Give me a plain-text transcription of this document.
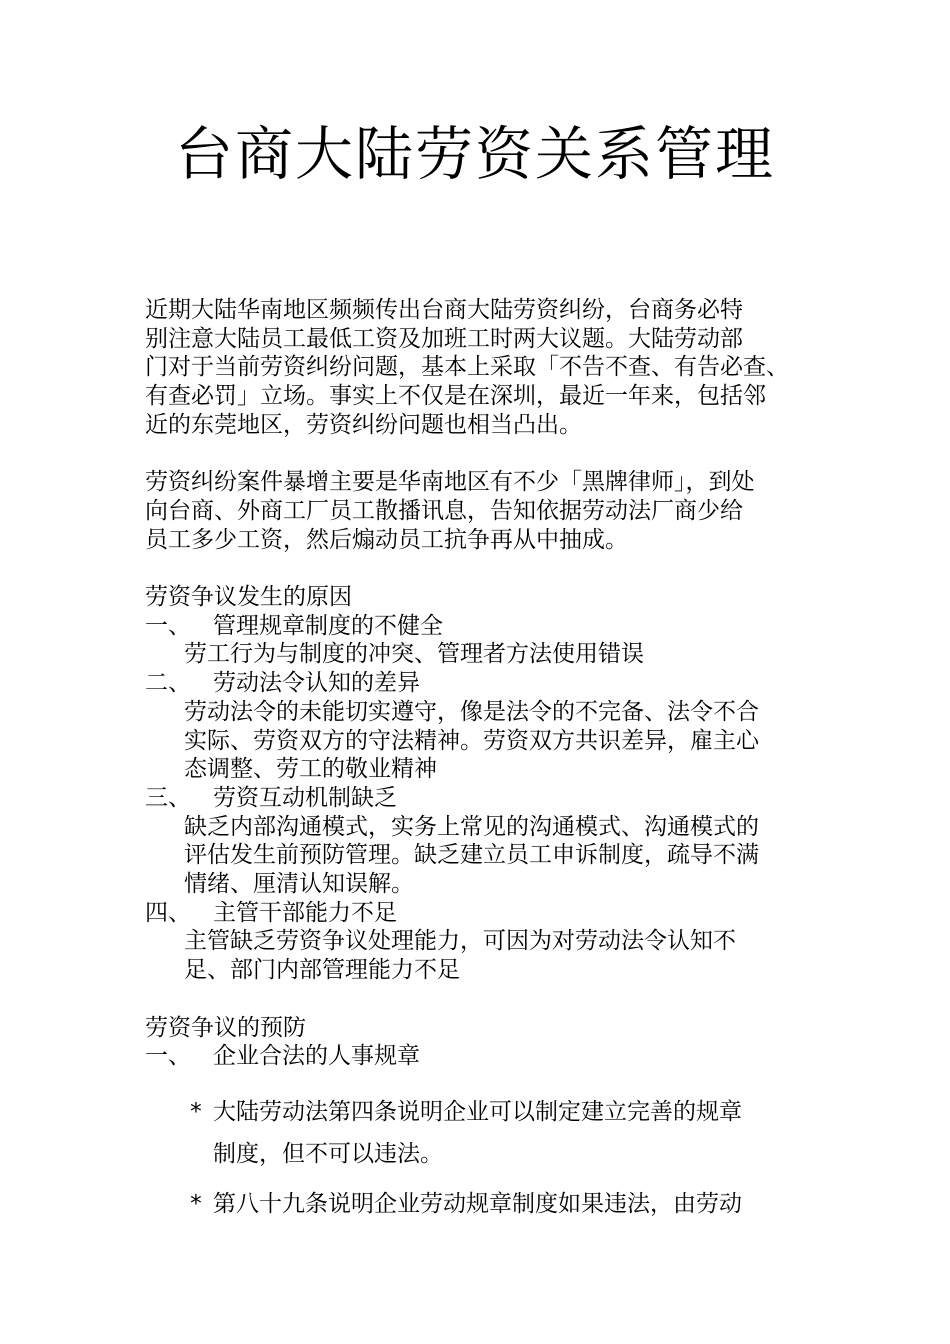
台商大陆劳资关系管理
近期大陆华南地区频频传出台商大陆劳资纠纷，台商务必特
别注意大陆员工最低工资及加班工时两大议题。大陆劳动部
门对于当前劳资纠纷问题，基本上采取「不告不查、有告必查、
有查必罚」立场。事实上不仅是在深圳，最近一年来，包括邻
近的东莞地区，劳资纠纷问题也相当凸出。
劳资纠纷案件暴增主要是华南地区有不少「黑牌律师」，到处
向台商、外商工厂员工散播讯息，告知依据劳动法厂商少给
员工多少工资，然后煽动员工抗争再从中抽成。
劳资争议发生的原因
一、 管理规章制度的不健全
劳工行为与制度的冲突、管理者方法使用错误
二、 劳动法令认知的差异
劳动法令的未能切实遵守，像是法令的不完备、法令不合
实际、劳资双方的守法精神。劳资双方共识差异，雇主心
态调整、劳工的敬业精神
三、 劳资互动机制缺乏
缺乏内部沟通模式，实务上常见的沟通模式、沟通模式的
评估发生前预防管理。缺乏建立员工申诉制度，疏导不满
情绪、厘清认知误解。
四、 主管干部能力不足
主管缺乏劳资争议处理能力，可因为对劳动法令认知不
足、部门内部管理能力不足
劳资争议的预防
一、 企业合法的人事规章
* 大陆劳动法第四条说明企业可以制定建立完善的规章
制度，但不可以违法。
* 第八十九条说明企业劳动规章制度如果违法，由劳动
